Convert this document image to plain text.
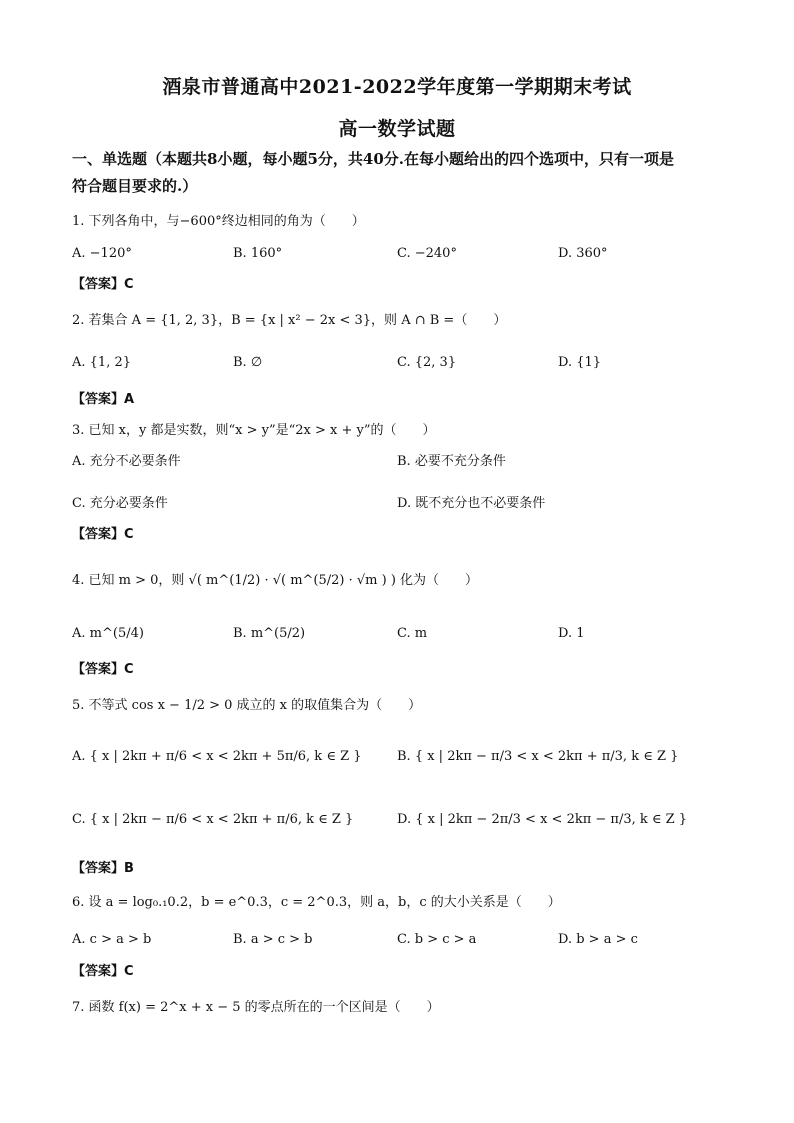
酒泉市普通高中2021-2022学年度第一学期期末考试
高一数学试题
一、单选题（本题共8小题，每小题5分，共40分.在每小题给出的四个选项中，只有一项是
符合题目要求的.）
1. 下列各角中，与−600°终边相同的角为（　　）
A. −120°	B. 160°	C. −240°	D. 360°
【答案】C
2. 若集合 A = {1, 2, 3}，B = {x | x² − 2x < 3}，则 A ∩ B =（　　）
A. {1, 2}	B. ∅	C. {2, 3}	D. {1}
【答案】A
3. 已知 x，y 都是实数，则“x > y”是“2x > x + y”的（　　）
A. 充分不必要条件	B. 必要不充分条件
C. 充分必要条件	D. 既不充分也不必要条件
【答案】C
4. 已知 m > 0，则 √( m^(1/2) · √( m^(5/2) · √m ) ) 化为（　　）
A. m^(5/4)	B. m^(5/2)	C. m	D. 1
【答案】C
5. 不等式 cos x − 1/2 > 0 成立的 x 的取值集合为（　　）
A. { x | 2kπ + π/6 < x < 2kπ + 5π/6, k ∈ Z }	B. { x | 2kπ − π/3 < x < 2kπ + π/3, k ∈ Z }
C. { x | 2kπ − π/6 < x < 2kπ + π/6, k ∈ Z }	D. { x | 2kπ − 2π/3 < x < 2kπ − π/3, k ∈ Z }
【答案】B
6. 设 a = log₀.₁0.2，b = e^0.3，c = 2^0.3，则 a，b，c 的大小关系是（　　）
A. c > a > b	B. a > c > b	C. b > c > a	D. b > a > c
【答案】C
7. 函数 f(x) = 2^x + x − 5 的零点所在的一个区间是（　　）
